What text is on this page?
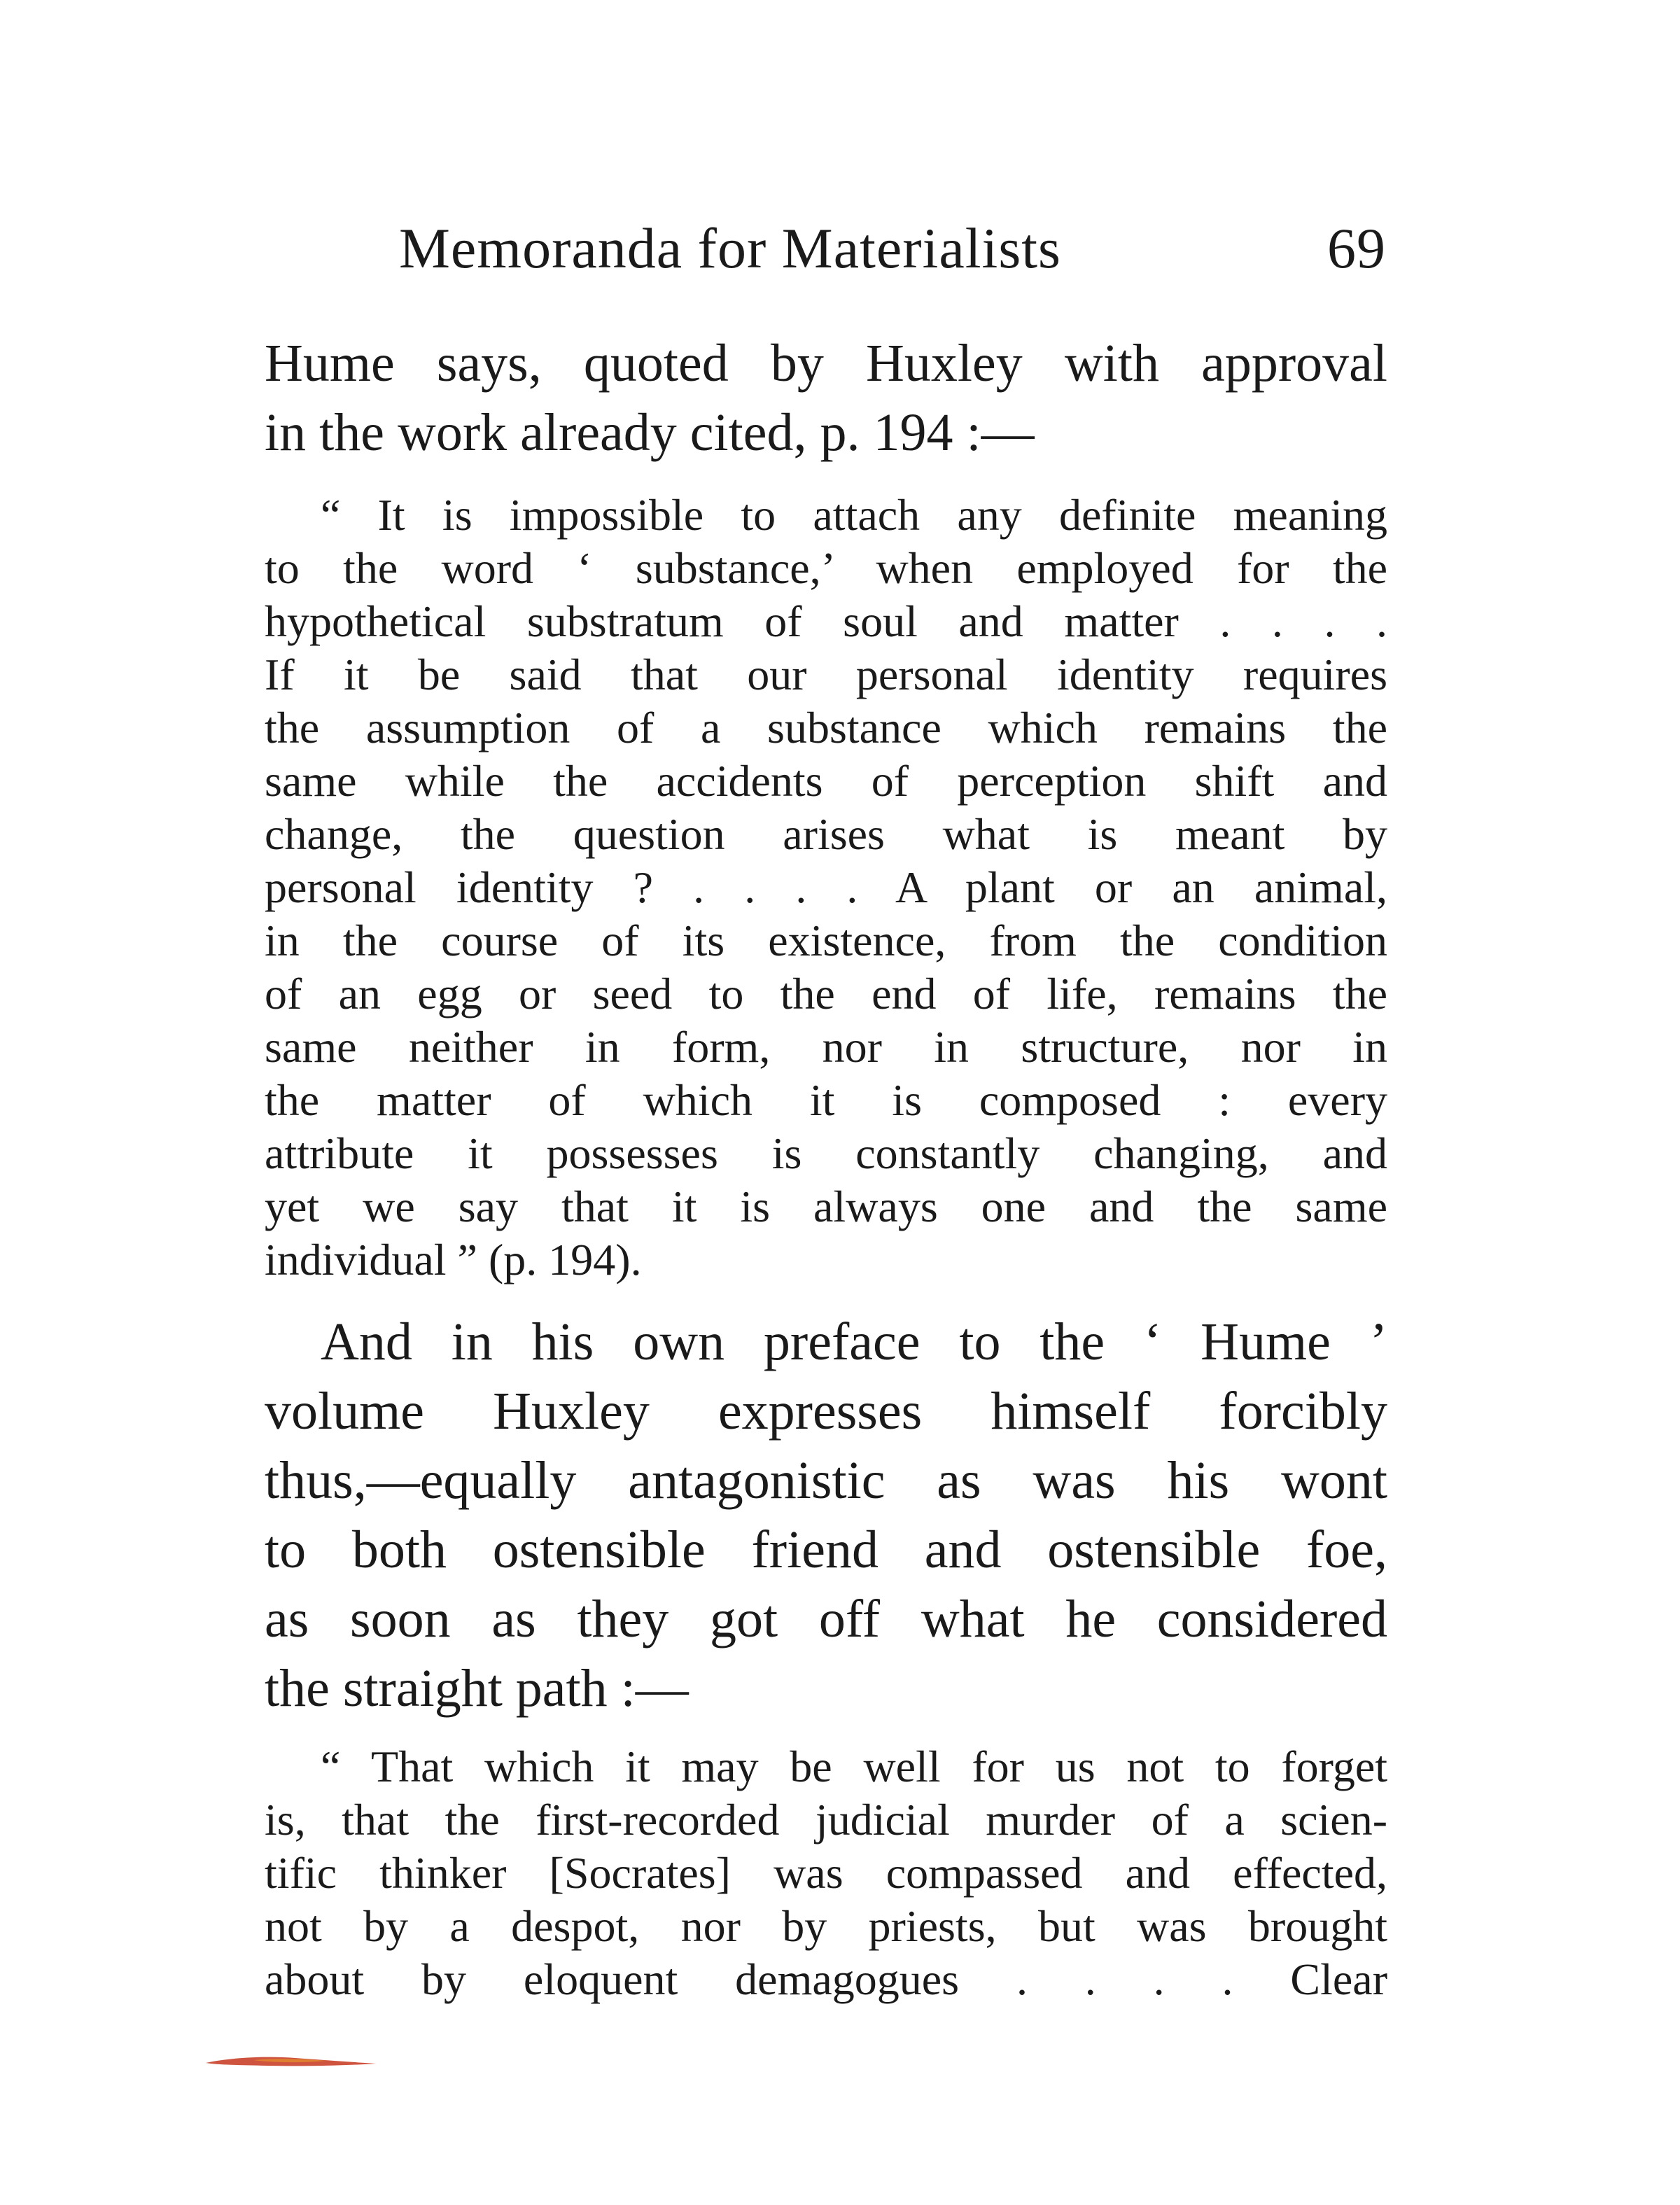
Memoranda for Materialists	69
Hume says, quoted by Huxley with approval
in the work already cited, p. 194 :—
“ It is impossible to attach any definite meaning
to the word ‘ substance,’ when employed for the
hypothetical substratum of soul and matter . . . .
If it be said that our personal identity requires
the assumption of a substance which remains the
same while the accidents of perception shift and
change, the question arises what is meant by
personal identity ? . . . . A plant or an animal,
in the course of its existence, from the condition
of an egg or seed to the end of life, remains the
same neither in form, nor in structure, nor in
the matter of which it is composed : every
attribute it possesses is constantly changing, and
yet we say that it is always one and the same
individual ” (p. 194).
And in his own preface to the ‘ Hume ’
volume Huxley expresses himself forcibly
thus,—equally antagonistic as was his wont
to both ostensible friend and ostensible foe,
as soon as they got off what he considered
the straight path :—
“ That which it may be well for us not to forget
is, that the first-recorded judicial murder of a scien-
tific thinker [Socrates] was compassed and effected,
not by a despot, nor by priests, but was brought
about by eloquent demagogues . . . . Clear
